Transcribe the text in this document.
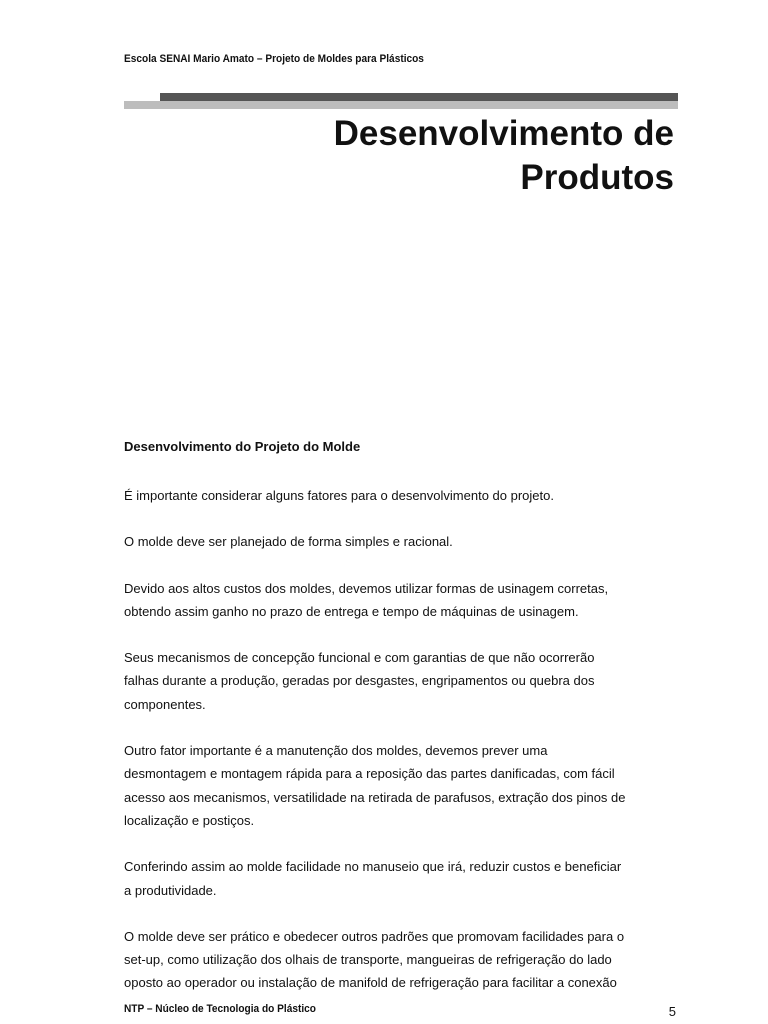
Escola SENAI Mario Amato – Projeto de Moldes para Plásticos
Desenvolvimento de
Produtos
Desenvolvimento do Projeto do Molde
É importante considerar alguns fatores para o desenvolvimento do projeto.
O molde deve ser planejado de forma simples e racional.
Devido aos altos custos dos moldes, devemos utilizar formas de usinagem corretas,
obtendo assim ganho no prazo de entrega e tempo de máquinas de usinagem.
Seus mecanismos de concepção funcional e com garantias de que não ocorrerão
falhas durante a produção, geradas por desgastes, engripamentos ou quebra dos
componentes.
Outro fator importante é a manutenção dos moldes, devemos prever uma
desmontagem e montagem rápida para a reposição das partes danificadas, com fácil
acesso aos mecanismos, versatilidade na retirada de parafusos, extração dos pinos de
localização e postiços.
Conferindo assim ao molde facilidade no manuseio que irá, reduzir custos e beneficiar
a produtividade.
O molde deve ser prático e obedecer outros padrões que promovam facilidades para o
set-up, como utilização dos olhais de transporte, mangueiras de refrigeração do lado
oposto ao operador ou instalação de manifold de refrigeração para facilitar a conexão
NTP – Núcleo de Tecnologia do Plástico	5
